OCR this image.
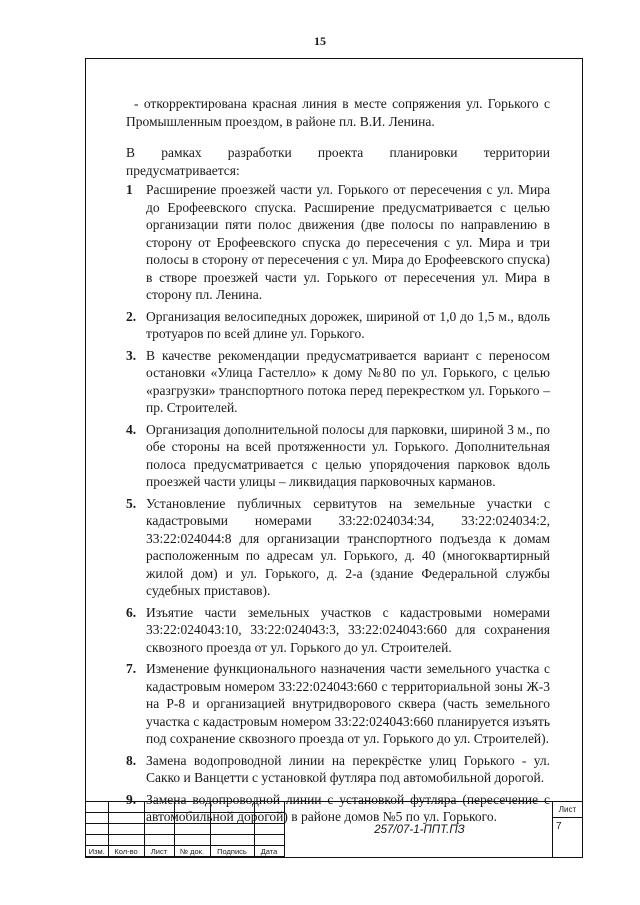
15

- откорректирована красная линия в месте сопряжения ул. Горького с Промышленным проездом, в районе пл. В.И. Ленина.

В рамках разработки проекта планировки территории предусматривается:

1 Расширение проезжей части ул. Горького от пересечения с ул. Мира до Ерофеевского спуска. Расширение предусматривается с целью организации пяти полос движения (две полосы по направлению в сторону от Ерофеевского спуска до пересечения с ул. Мира и три полосы в сторону от пересечения с ул. Мира до Ерофеевского спуска) в створе проезжей части ул. Горького от пересечения ул. Мира в сторону пл. Ленина.
2. Организация велосипедных дорожек, шириной от 1,0 до 1,5 м., вдоль тротуаров по всей длине ул. Горького.
3. В качестве рекомендации предусматривается вариант с переносом остановки «Улица Гастелло» к дому №80 по ул. Горького, с целью «разгрузки» транспортного потока перед перекрестком ул. Горького – пр. Строителей.
4. Организация дополнительной полосы для парковки, шириной 3 м., по обе стороны на всей протяженности ул. Горького. Дополнительная полоса предусматривается с целью упорядочения парковок вдоль проезжей части улицы – ликвидация парковочных карманов.
5. Установление публичных сервитутов на земельные участки с кадастровыми номерами 33:22:024034:34, 33:22:024034:2, 33:22:024044:8 для организации транспортного подъезда к домам расположенным по адресам ул. Горького, д. 40 (многоквартирный жилой дом) и ул. Горького, д. 2-а (здание Федеральной службы судебных приставов).
6. Изъятие части земельных участков с кадастровыми номерами 33:22:024043:10, 33:22:024043:3, 33:22:024043:660 для сохранения сквозного проезда от ул. Горького до ул. Строителей.
7. Изменение функционального назначения части земельного участка с кадастровым номером 33:22:024043:660 с территориальной зоны Ж-3 на Р-8 и организацией внутридворового сквера (часть земельного участка с кадастровым номером 33:22:024043:660 планируется изъять под сохранение сквозного проезда от ул. Горького до ул. Строителей).
8. Замена водопроводной линии на перекрёстке улиц Горького - ул. Сакко и Ванцетти с установкой футляра под автомобильной дорогой.
9. Замена водопроводной линии с установкой футляра (пересечение с автомобильной дорогой) в районе домов №5 по ул. Горького.

Изм.	Кол-во	Лист	№ док.	Подпись	Дата
257/07-1-ППТ.ПЗ
Лист
7
